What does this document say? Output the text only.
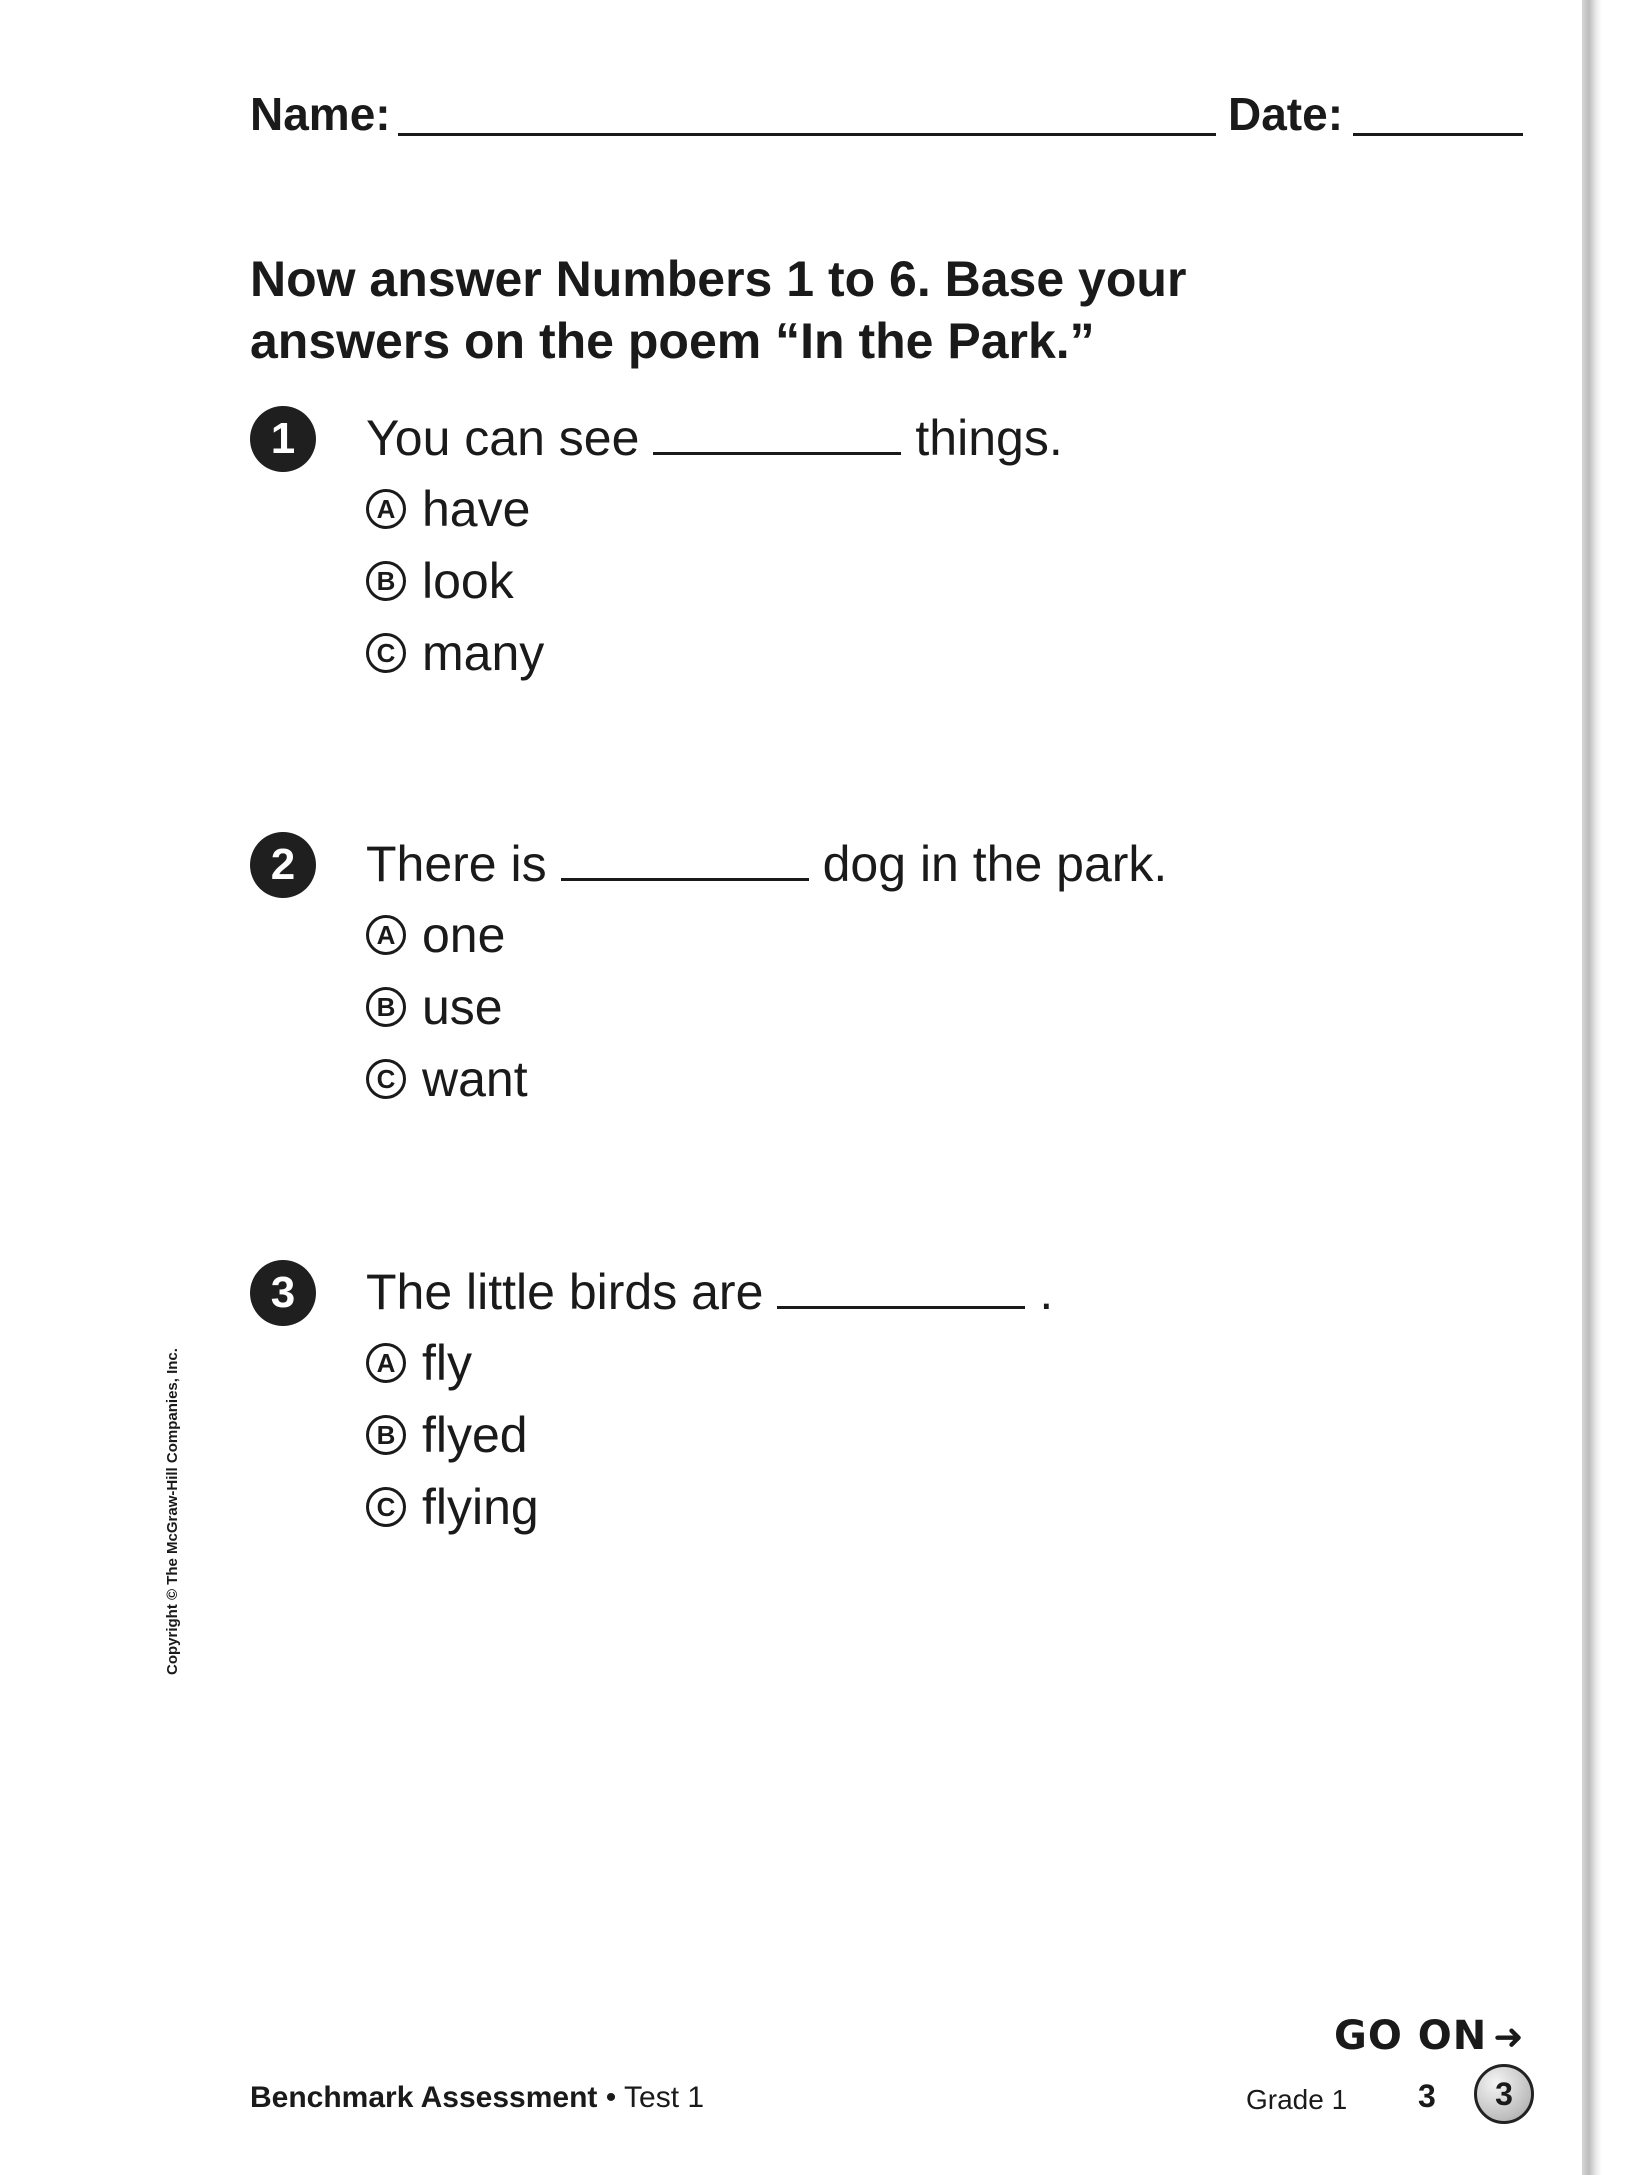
Name:	Date:
Now answer Numbers 1 to 6. Base your answers on the poem “In the Park.”
1	You can see	things.
A have
B look
C many
2	There is	dog in the park.
A one
B use
C want
3	The little birds are	.
A fly
B flyed
C flying
Copyright © The McGraw-Hill Companies, Inc.
GO ON ➜
Benchmark Assessment • Test 1	Grade 1 3	3
